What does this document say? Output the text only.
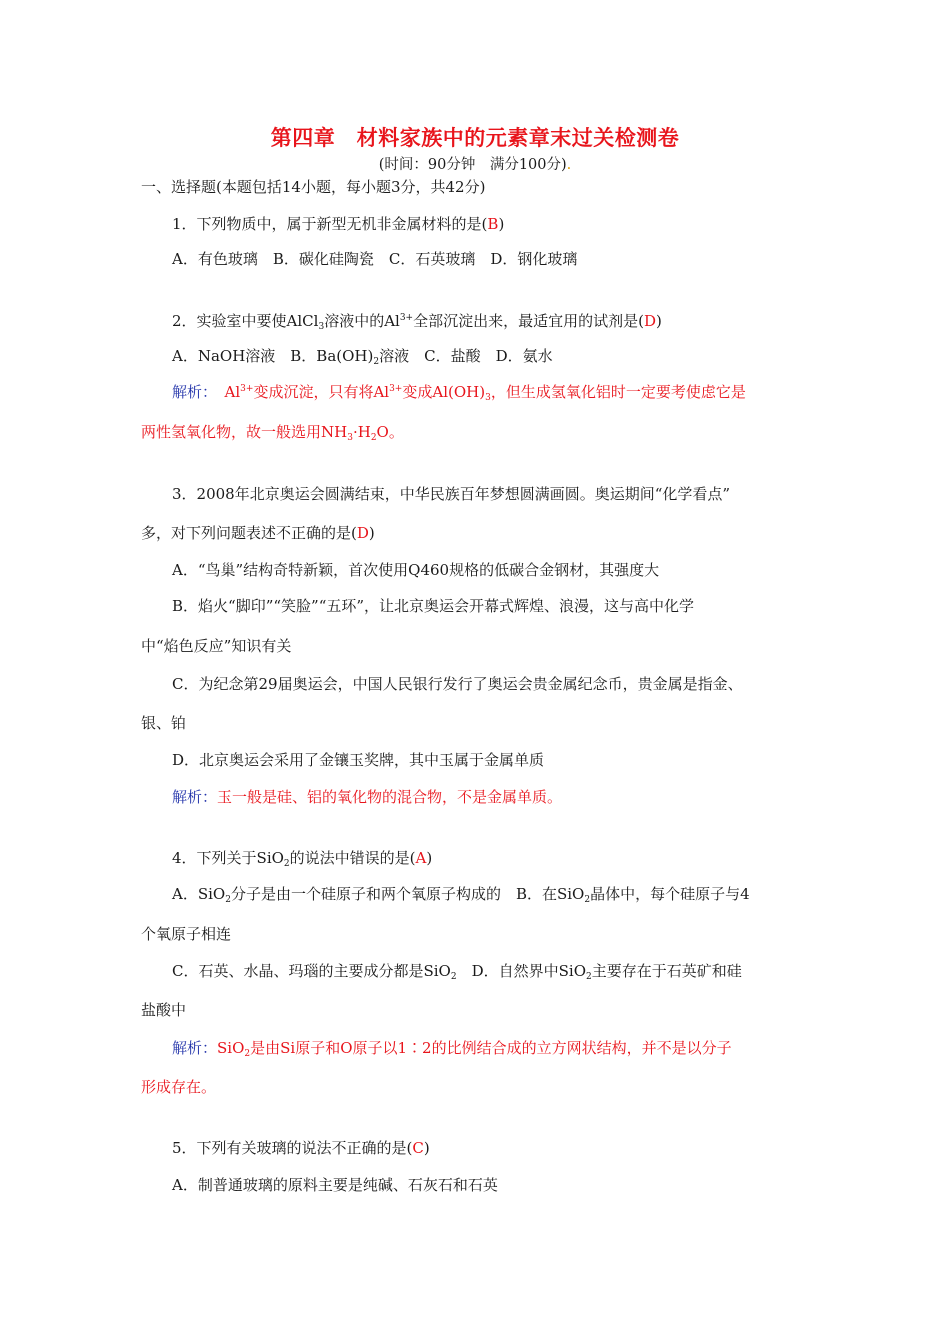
第四章　材料家族中的元素章末过关检测卷
(时间：90分钟　满分100分).
一、选择题(本题包括14小题，每小题3分，共42分)
1．下列物质中，属于新型无机非金属材料的是(B)
A．有色玻璃　B．碳化硅陶瓷　C．石英玻璃　D．钢化玻璃
2．实验室中要使AlCl$_3$溶液中的$Al^{3+}$全部沉淀出来，最适宜用的试剂是(D)
A．NaOH溶液　B．$Ba(OH)_2$溶液　C．盐酸　D．氨水
解析：　$Al^{3+}$变成沉淀，只有将$Al^{3+}$变成$Al(OH)_3$，但生成氢氧化铝时一定要考使虑它是
两性氢氧化物，故一般选用$NH_3\cdot H_2O$。
3．2008年北京奥运会圆满结束，中华民族百年梦想圆满画圆。奥运期间“化学看点”
多，对下列问题表述不正确的是(D)
A．“鸟巢”结构奇特新颖，首次使用Q460规格的低碳合金钢材，其强度大
B．焰火“脚印”“笑脸”“五环”，让北京奥运会开幕式辉煌、浪漫，这与高中化学
中“焰色反应”知识有关
C．为纪念第29届奥运会，中国人民银行发行了奥运会贵金属纪念币，贵金属是指金、
银、铂
D．北京奥运会采用了金镶玉奖牌，其中玉属于金属单质
解析：玉一般是硅、铝的氧化物的混合物，不是金属单质。
4．下列关于SiO$_2$的说法中错误的是(A)
A．SiO$_2$分子是由一个硅原子和两个氧原子构成的　B．在SiO$_2$晶体中，每个硅原子与4
个氧原子相连
C．石英、水晶、玛瑙的主要成分都是SiO$_2$　D．自然界中SiO$_2$主要存在于石英矿和硅
盐酸中
解析：SiO$_2$是由Si原子和O原子以1∶2的比例结合成的立方网状结构，并不是以分子
形成存在。
5．下列有关玻璃的说法不正确的是(C)
A．制普通玻璃的原料主要是纯碱、石灰石和石英
